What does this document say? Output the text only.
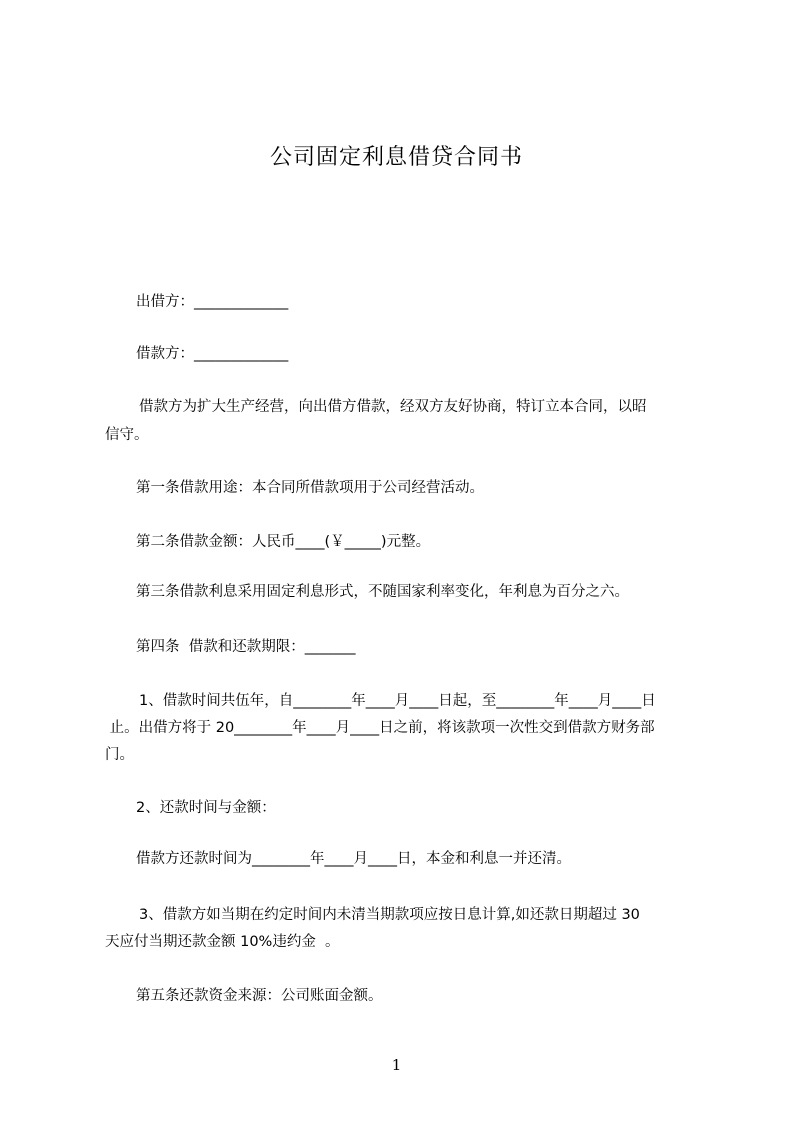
公司固定利息借贷合同书
出借方：_____________
借款方：_____________
借款方为扩大生产经营，向出借方借款，经双方友好协商，特订立本合同，以昭
信守。
第一条借款用途：本合同所借款项用于公司经营活动。
第二条借款金额：人民币____(￥_____)元整。
第三条借款利息采用固定利息形式，不随国家利率变化，年利息为百分之六。
第四条  借款和还款期限：_______
1、借款时间共伍年，自________年____月____日起，至________年____月____日
止。出借方将于 20________年____月____日之前，将该款项一次性交到借款方财务部
门。
2、还款时间与金额：
借款方还款时间为________年____月____日，本金和利息一并还清。
3、借款方如当期在约定时间内未清当期款项应按日息计算,如还款日期超过 30
天应付当期还款金额 10%违约金  。
第五条还款资金来源：公司账面金额。
1
